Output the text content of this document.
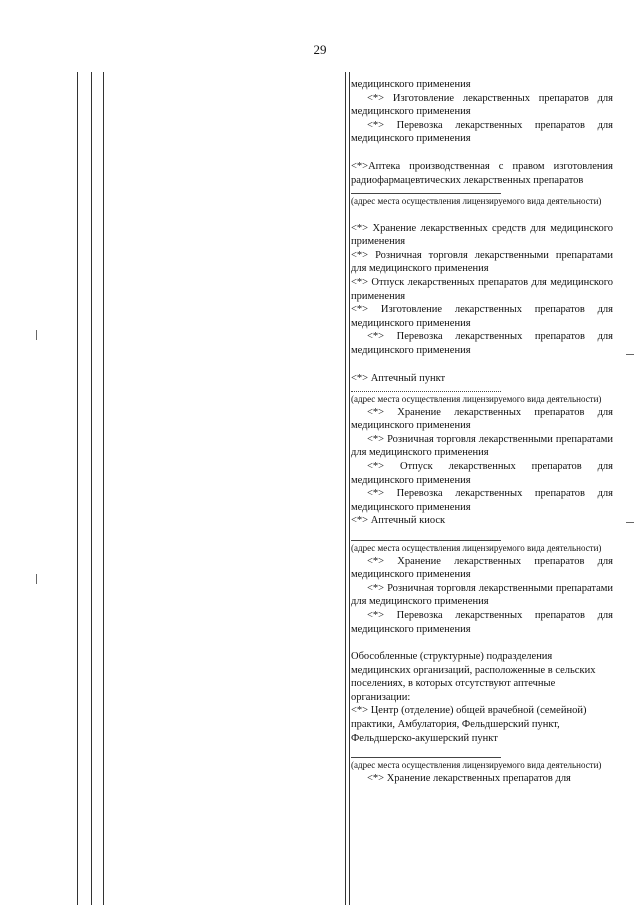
29

медицинского применения

<*> Изготовление лекарственных препаратов для медицинского применения

<*> Перевозка лекарственных препаратов для медицинского применения

<*>Аптека производственная с правом изготовления радиофармацевтических лекарственных препаратов

(адрес места осуществления лицензируемого вида деятельности)

<*> Хранение лекарственных средств для медицинского применения

<*> Розничная торговля лекарственными препаратами для медицинского применения

<*> Отпуск лекарственных препаратов для медицинского применения

<*> Изготовление лекарственных препаратов для медицинского применения

<*> Перевозка лекарственных препаратов для медицинского применения

<*> Аптечный пункт

(адрес места осуществления лицензируемого вида деятельности)

<*> Хранение лекарственных препаратов для медицинского применения

<*> Розничная торговля лекарственными препаратами для медицинского применения

<*> Отпуск лекарственных препаратов для медицинского применения

<*> Перевозка лекарственных препаратов для медицинского применения

<*> Аптечный киоск

(адрес места осуществления лицензируемого вида деятельности)

<*> Хранение лекарственных препаратов для медицинского применения

<*> Розничная торговля лекарственными препаратами для медицинского применения

<*> Перевозка лекарственных препаратов для медицинского применения

Обособленные (структурные) подразделения медицинских организаций, расположенные в сельских поселениях, в которых отсутствуют аптечные организации:

<*> Центр (отделение) общей врачебной (семейной) практики, Амбулатория, Фельдшерский пункт, Фельдшерско-акушерский пункт

(адрес места осуществления лицензируемого вида деятельности)

<*> Хранение лекарственных препаратов для
